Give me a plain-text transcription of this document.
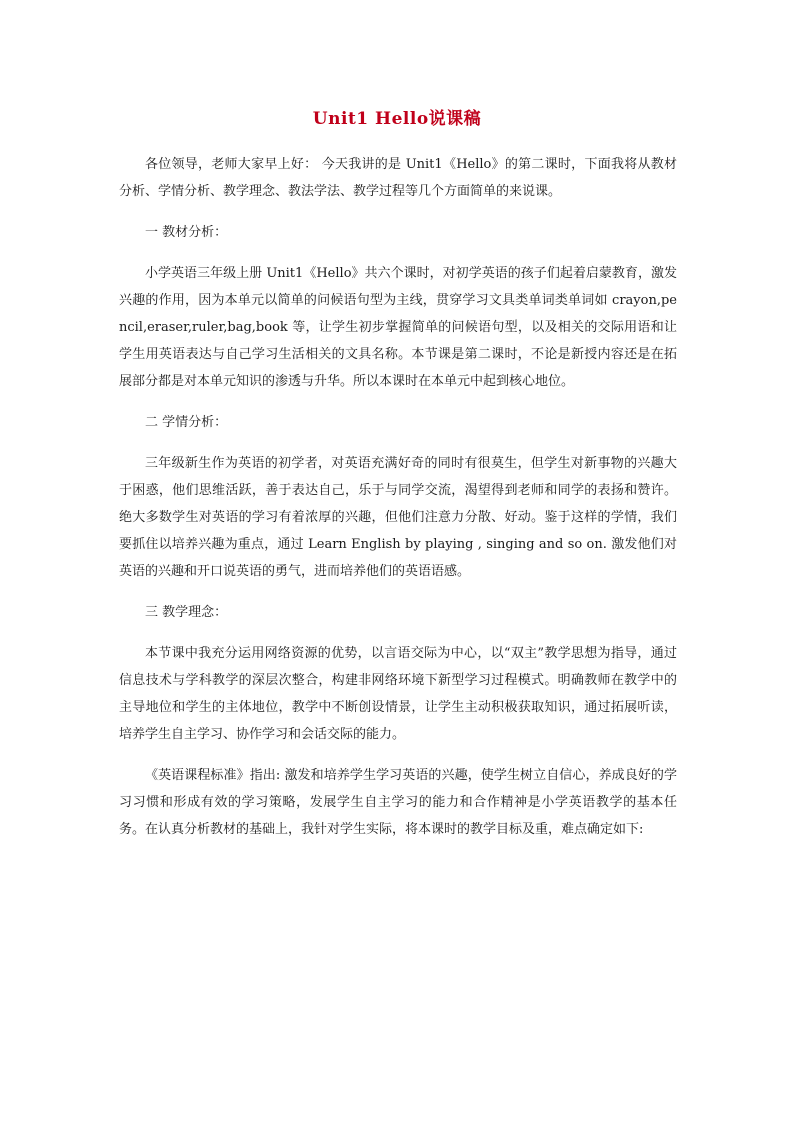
Unit1 Hello说课稿

各位领导，老师大家早上好： 今天我讲的是 Unit1《Hello》的第二课时，下面我将从教材分析、学情分析、教学理念、教法学法、教学过程等几个方面简单的来说课。

一 教材分析：

小学英语三年级上册 Unit1《Hello》共六个课时，对初学英语的孩子们起着启蒙教育，激发兴趣的作用，因为本单元以简单的问候语句型为主线，贯穿学习文具类单词类单词如 crayon,pencil,eraser,ruler,bag,book 等，让学生初步掌握简单的问候语句型，以及相关的交际用语和让学生用英语表达与自己学习生活相关的文具名称。本节课是第二课时，不论是新授内容还是在拓展部分都是对本单元知识的渗透与升华。所以本课时在本单元中起到核心地位。

二 学情分析：

三年级新生作为英语的初学者，对英语充满好奇的同时有很莫生，但学生对新事物的兴趣大于困惑，他们思维活跃，善于表达自己，乐于与同学交流，渴望得到老师和同学的表扬和赞许。绝大多数学生对英语的学习有着浓厚的兴趣，但他们注意力分散、好动。鉴于这样的学情，我们要抓住以培养兴趣为重点，通过 Learn English by playing , singing and so on. 激发他们对英语的兴趣和开口说英语的勇气，进而培养他们的英语语感。

三 教学理念：

本节课中我充分运用网络资源的优势，以言语交际为中心，以“双主”教学思想为指导，通过信息技术与学科教学的深层次整合，构建非网络环境下新型学习过程模式。明确教师在教学中的主导地位和学生的主体地位，教学中不断创设情景，让学生主动积极获取知识，通过拓展听读，培养学生自主学习、协作学习和会话交际的能力。

《英语课程标准》指出: 激发和培养学生学习英语的兴趣，使学生树立自信心，养成良好的学习习惯和形成有效的学习策略，发展学生自主学习的能力和合作精神是小学英语教学的基本任务。在认真分析教材的基础上，我针对学生实际，将本课时的教学目标及重，难点确定如下:
